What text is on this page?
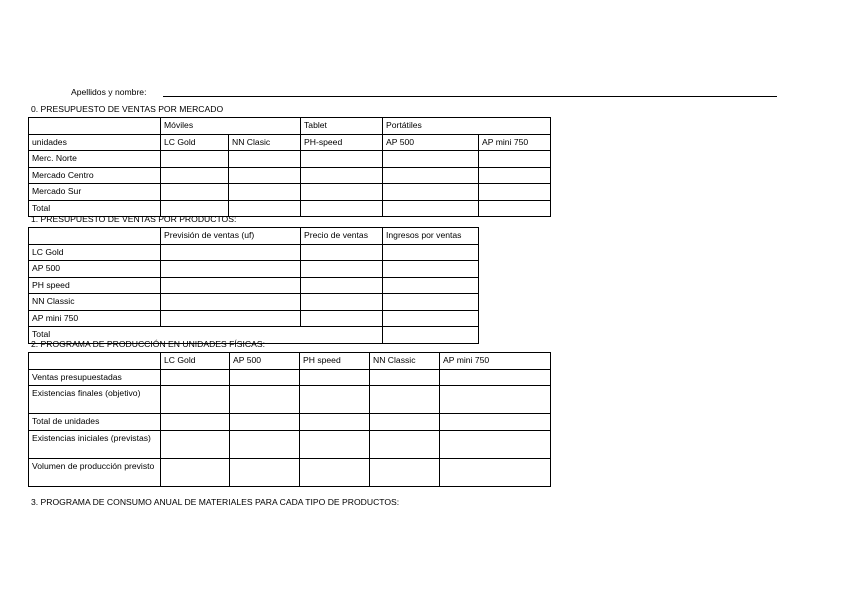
Apellidos y nombre:
0. PRESUPUESTO DE VENTAS POR MERCADO
	Móviles		Tablet	Portátiles	
unidades	LC Gold	NN Clasic	PH-speed	AP 500	AP mini 750
Merc. Norte					
Mercado Centro					
Mercado Sur					
Total					
1. PRESUPUESTO DE VENTAS POR PRODUCTOS:
	Previsión de ventas (uf)	Precio de ventas	Ingresos por ventas
LC Gold			
AP 500			
PH speed			
NN Classic			
AP mini 750			
Total			
2. PROGRAMA DE PRODUCCIÓN EN UNIDADES FÍSICAS:
	LC Gold	AP 500	PH speed	NN Classic	AP mini 750
Ventas presupuestadas					
Existencias finales (objetivo)					
Total de unidades					
Existencias iniciales (previstas)					
Volumen de producción previsto					
3. PROGRAMA DE CONSUMO ANUAL DE MATERIALES PARA CADA TIPO DE PRODUCTOS:
